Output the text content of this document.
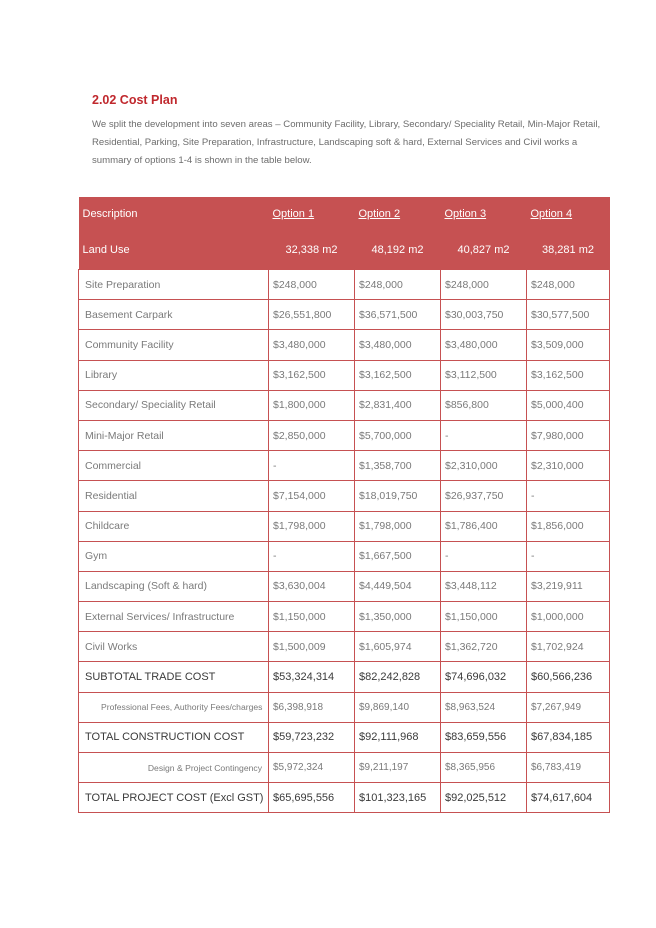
2.02 Cost Plan

We split the development into seven areas – Community Facility, Library, Secondary/ Speciality Retail, Min-Major Retail, Residential, Parking, Site Preparation, Infrastructure, Landscaping soft & hard, External Services and Civil works a summary of options 1-4 is shown in the table below.

Description	Option 1	Option 2	Option 3	Option 4
Land Use	32,338 m2	48,192 m2	40,827 m2	38,281 m2
Site Preparation	$248,000	$248,000	$248,000	$248,000
Basement Carpark	$26,551,800	$36,571,500	$30,003,750	$30,577,500
Community Facility	$3,480,000	$3,480,000	$3,480,000	$3,509,000
Library	$3,162,500	$3,162,500	$3,112,500	$3,162,500
Secondary/ Speciality Retail	$1,800,000	$2,831,400	$856,800	$5,000,400
Mini-Major Retail	$2,850,000	$5,700,000	-	$7,980,000
Commercial	-	$1,358,700	$2,310,000	$2,310,000
Residential	$7,154,000	$18,019,750	$26,937,750	-
Childcare	$1,798,000	$1,798,000	$1,786,400	$1,856,000
Gym	-	$1,667,500	-	-
Landscaping (Soft & hard)	$3,630,004	$4,449,504	$3,448,112	$3,219,911
External Services/ Infrastructure	$1,150,000	$1,350,000	$1,150,000	$1,000,000
Civil Works	$1,500,009	$1,605,974	$1,362,720	$1,702,924
SUBTOTAL TRADE COST	$53,324,314	$82,242,828	$74,696,032	$60,566,236
Professional Fees, Authority Fees/charges	$6,398,918	$9,869,140	$8,963,524	$7,267,949
TOTAL CONSTRUCTION COST	$59,723,232	$92,111,968	$83,659,556	$67,834,185
Design & Project Contingency	$5,972,324	$9,211,197	$8,365,956	$6,783,419
TOTAL PROJECT COST (Excl GST)	$65,695,556	$101,323,165	$92,025,512	$74,617,604
